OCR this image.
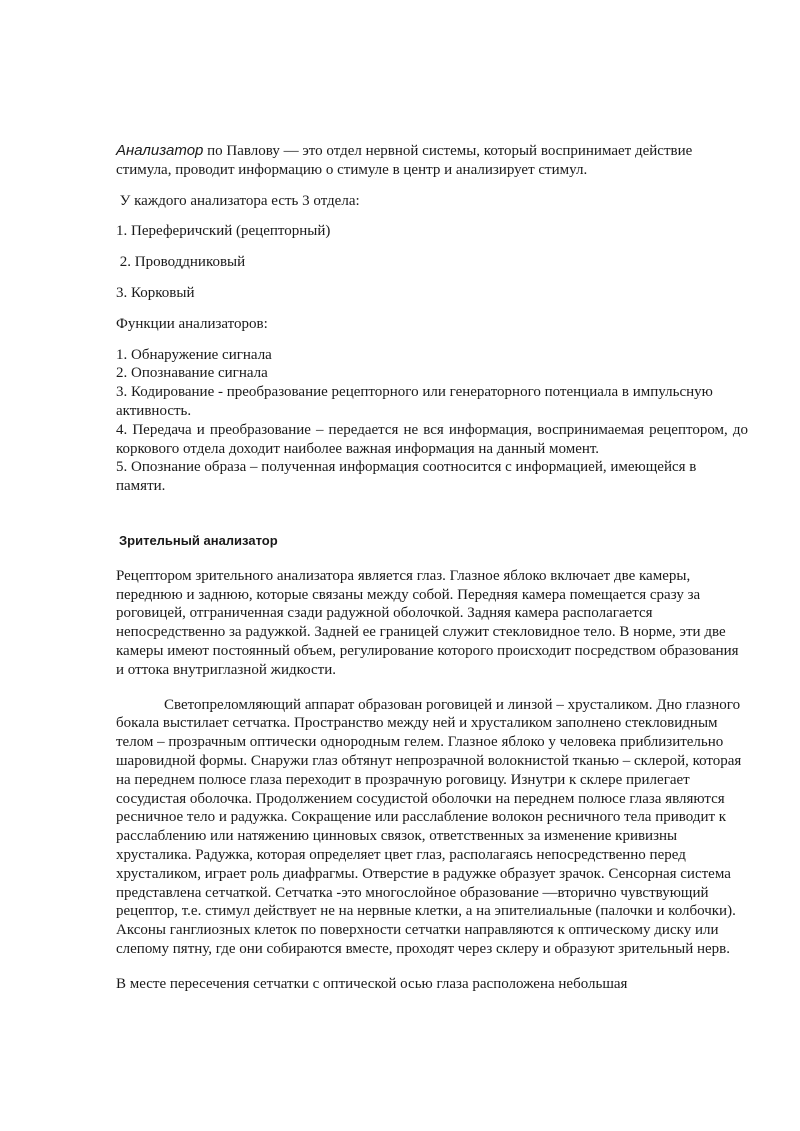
Анализатор по Павлову — это отдел нервной системы, который воспринимает действие стимула, проводит информацию о стимуле в центр и анализирует стимул.

У каждого анализатора есть 3 отдела:

1. Переферичский (рецепторный)

2. Проводдниковый

3. Корковый

Функции анализаторов:

1. Обнаружение сигнала

2. Опознавание сигнала

3. Кодирование - преобразование рецепторного или генераторного потенциала в импульсную активность.

4. Передача и преобразование – передается не вся информация, воспринимаемая рецептором, до коркового отдела доходит наиболее важная информация на данный момент.

5. Опознание образа – полученная информация соотносится с информацией, имеющейся в памяти.

Зрительный анализатор

Рецептором зрительного анализатора является глаз. Глазное яблоко включает две камеры, переднюю и заднюю, которые связаны между собой. Передняя камера помещается сразу за роговицей, отграниченная сзади радужной оболочкой. Задняя камера располагается непосредственно за радужкой. Задней ее границей служит стекловидное тело. В норме, эти две камеры имеют постоянный объем, регулирование которого происходит посредством образования и оттока внутриглазной жидкости.

Светопреломляющий аппарат образован роговицей и линзой – хрусталиком. Дно глазного бокала выстилает сетчатка. Пространство между ней и хрусталиком заполнено стекловидным телом – прозрачным оптически однородным гелем. Глазное яблоко у человека приблизительно шаровидной формы. Снаружи глаз обтянут непрозрачной волокнистой тканью – склерой, которая на переднем полюсе глаза переходит в прозрачную роговицу. Изнутри к склере прилегает сосудистая оболочка. Продолжением сосудистой оболочки на переднем полюсе глаза являются ресничное тело и радужка. Сокращение или расслабление волокон ресничного тела приводит к расслаблению или натяжению цинновых связок, ответственных за изменение кривизны хрусталика. Радужка, которая определяет цвет глаз, располагаясь непосредственно перед хрусталиком, играет роль диафрагмы. Отверстие в радужке образует зрачок. Сенсорная система представлена сетчаткой. Сетчатка -это многослойное образование —вторично чувствующий рецептор, т.е. стимул действует не на нервные клетки, а на эпителиальные (палочки и колбочки). Аксоны ганглиозных клеток по поверхности сетчатки направляются к оптическому диску или слепому пятну, где они собираются вместе, проходят через склеру и образуют зрительный нерв.

В месте пересечения сетчатки с оптической осью глаза расположена небольшая
